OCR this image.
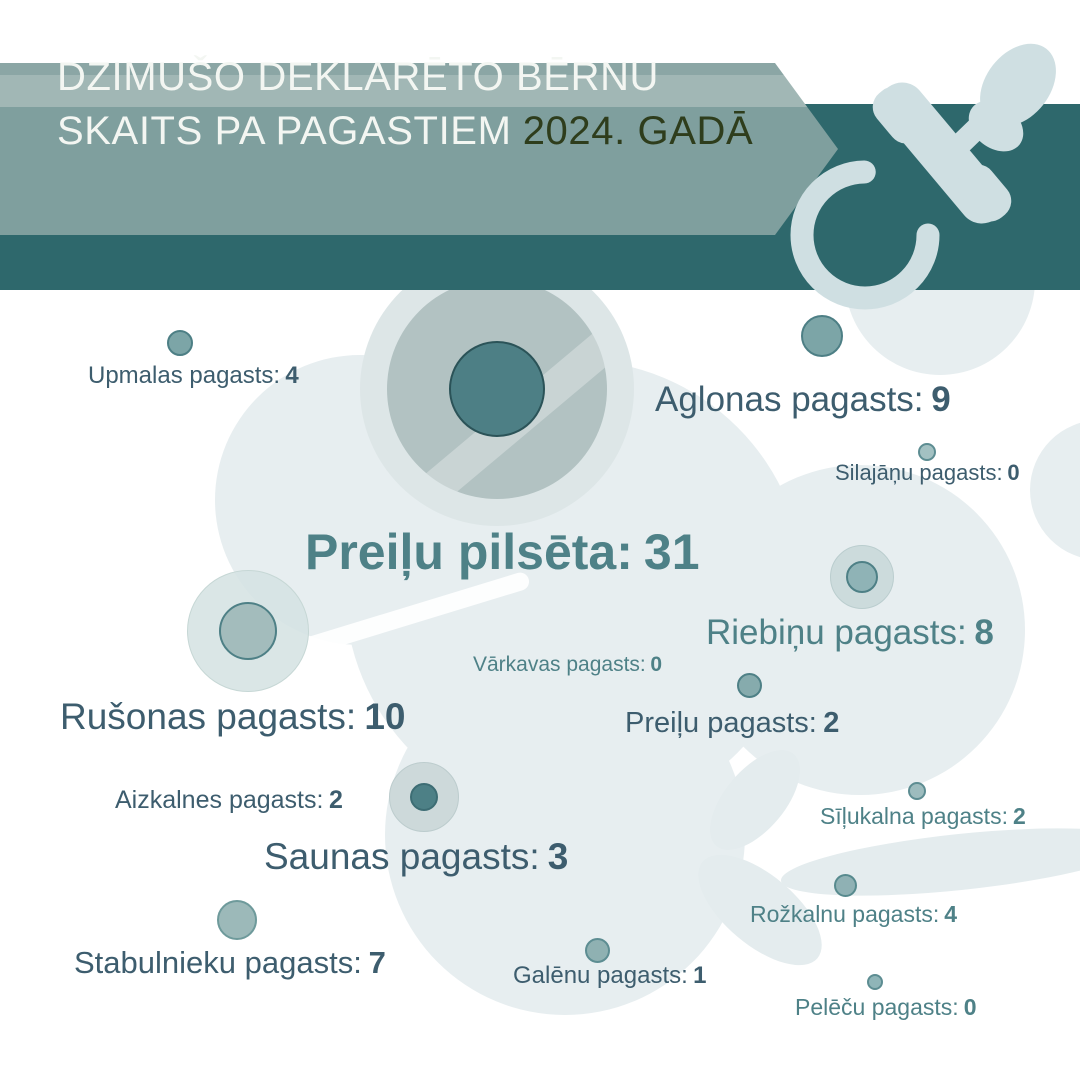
DZIMUŠO DEKLARĒTO BĒRNU
SKAITS PA PAGASTIEM 2024. GADĀ
Upmalas pagasts: 4
Aglonas pagasts: 9
Silajāņu pagasts: 0
Preiļu pilsēta: 31
Riebiņu pagasts: 8
Vārkavas pagasts: 0
Rušonas pagasts: 10	Preiļu pagasts: 2
Aizkalnes pagasts: 2
Saunas pagasts: 3
Sīļukalna pagasts: 2
Rožkalnu pagasts: 4
Stabulnieku pagasts: 7	Galēnu pagasts: 1
Pelēču pagasts: 0
